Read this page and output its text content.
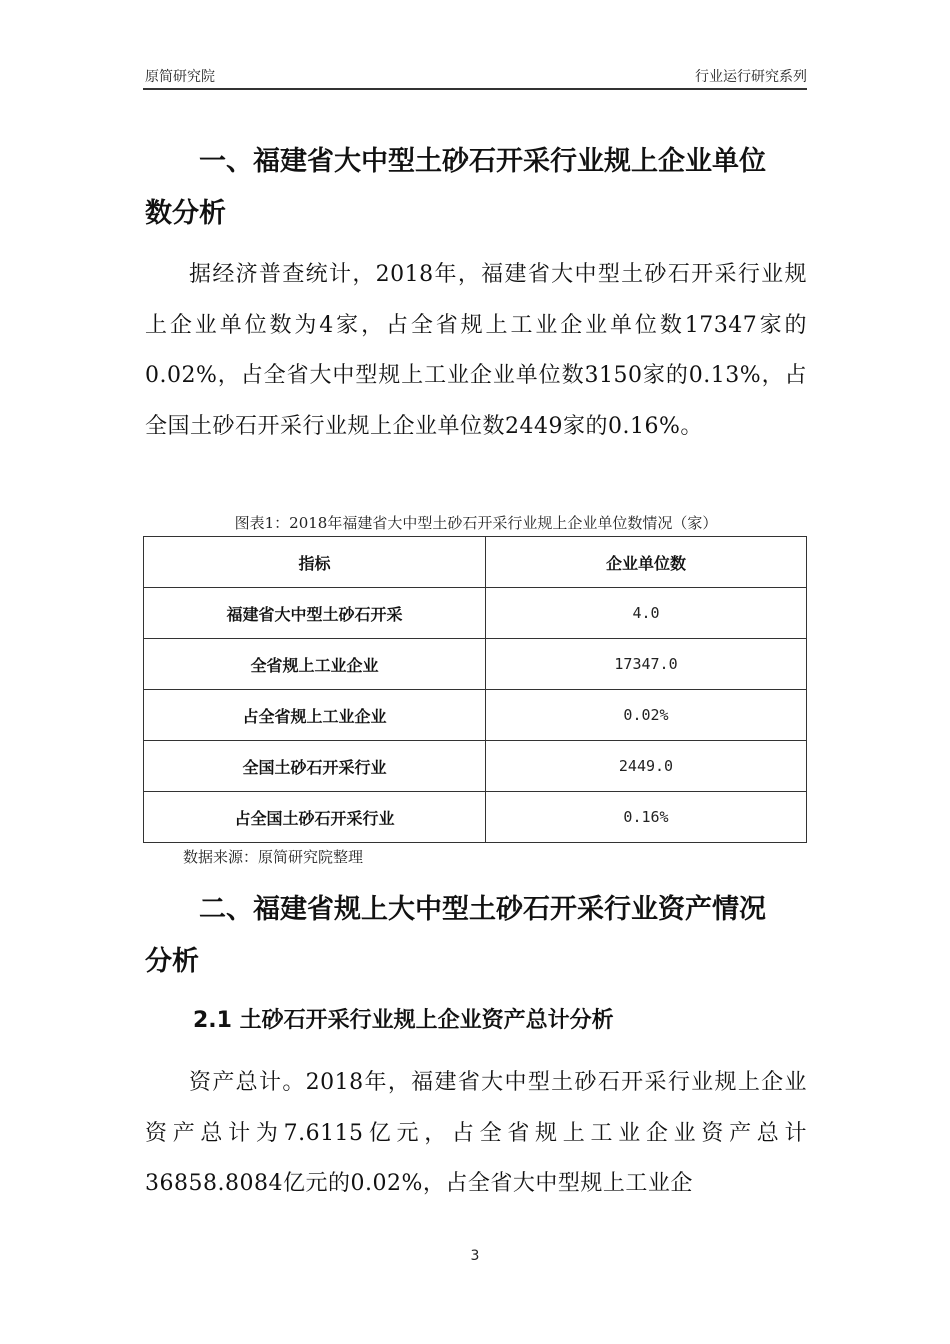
原简研究院	行业运行研究系列
一、福建省大中型土砂石开采行业规上企业单位
数分析

据经济普查统计，2018年，福建省大中型土砂石开采行业规上企业单位数为4家，占全省规上工业企业单位数17347家的0.02%，占全省大中型规上工业企业单位数3150家的0.13%，占全国土砂石开采行业规上企业单位数2449家的0.16%。

图表1：2018年福建省大中型土砂石开采行业规上企业单位数情况（家）
指标	企业单位数
福建省大中型土砂石开采	4.0
全省规上工业企业	17347.0
占全省规上工业企业	0.02%
全国土砂石开采行业	2449.0
占全国土砂石开采行业	0.16%
数据来源：原简研究院整理
二、福建省规上大中型土砂石开采行业资产情况
分析
2.1 土砂石开采行业规上企业资产总计分析

资产总计。2018年，福建省大中型土砂石开采行业规上企业资产总计为7.6115亿元，占全省规上工业企业资产总计36858.8084亿元的0.02%，占全省大中型规上工业企

3
